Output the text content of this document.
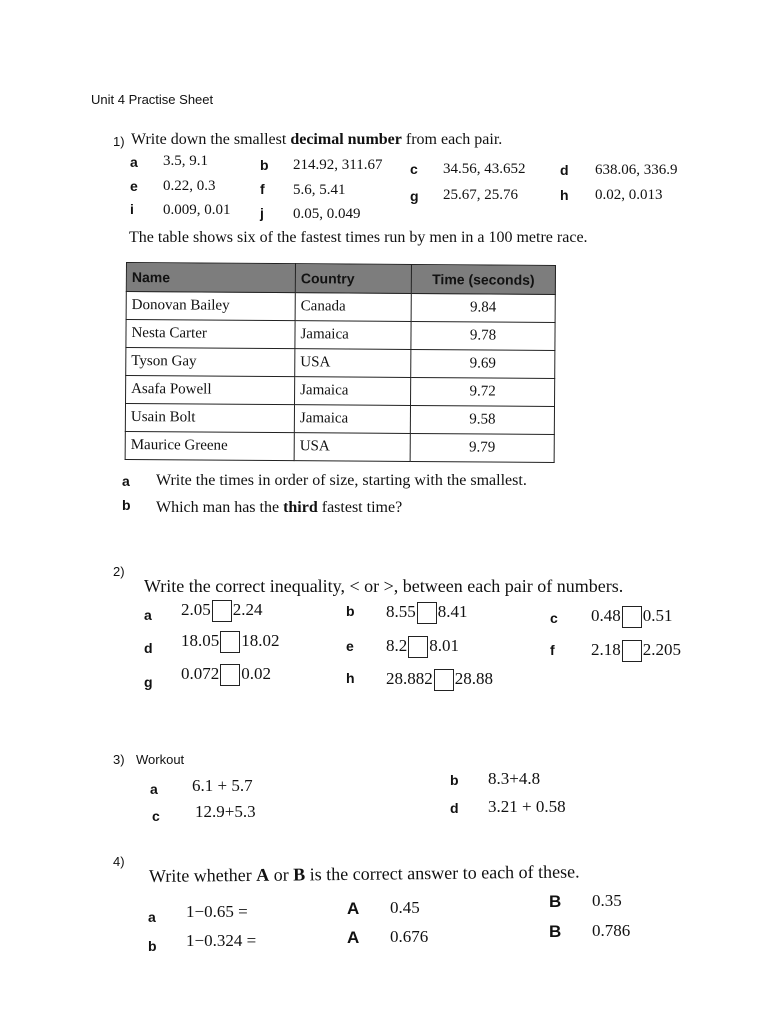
Unit 4 Practise Sheet
1) Write down the smallest decimal number from each pair.
a 3.5, 9.1	b 214.92, 311.67 c 34.56, 43.652 d 638.06, 336.9
e 0.22, 0.3	f 5.6, 5.41	g 25.67, 25.76	h 0.02, 0.013
i 0.009, 0.01 j 0.05, 0.049
The table shows six of the fastest times run by men in a 100 metre race.
Name	Country	Time (seconds)
Donovan Bailey	Canada	9.84
Nesta Carter	Jamaica	9.78
Tyson Gay	USA	9.69
Asafa Powell	Jamaica	9.72
Usain Bolt	Jamaica	9.58
Maurice Greene	USA	9.79
a Write the times in order of size, starting with the smallest.
b Which man has the third fastest time?
2)
Write the correct inequality, < or >, between each pair of numbers.
a 2.05 2.24	b 8.55 8.41	c 0.48 0.51
d 18.05 18.02	e 8.2 8.01	f 2.18 2.205
g 0.072 0.02	h 28.882 28.88
3) Workout
a 6.1 + 5.7	b 8.3+4.8
c 12.9+5.3	d 3.21 + 0.58
4)
Write whether A or B is the correct answer to each of these.
a 1−0.65 =	A 0.45	B 0.35
b 1−0.324 =	A 0.676	B 0.786
